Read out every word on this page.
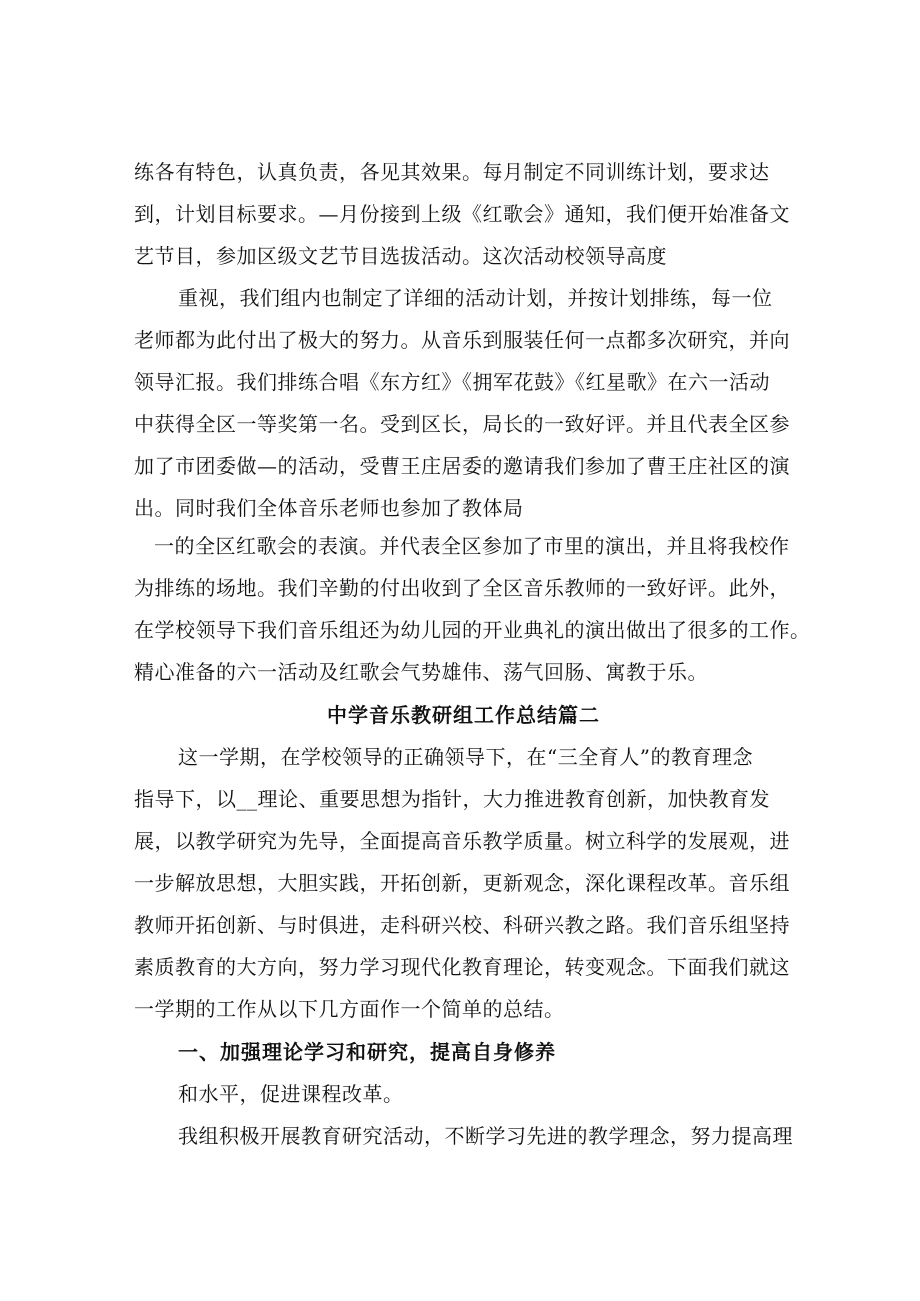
练各有特色，认真负责，各见其效果。每月制定不同训练计划，要求达
到，计划目标要求。—月份接到上级《红歌会》通知，我们便开始准备文
艺节目，参加区级文艺节目选拔活动。这次活动校领导高度
重视，我们组内也制定了详细的活动计划，并按计划排练，每一位
老师都为此付出了极大的努力。从音乐到服装任何一点都多次研究，并向
领导汇报。我们排练合唱《东方红》《拥军花鼓》《红星歌》在六一活动
中获得全区一等奖第一名。受到区长，局长的一致好评。并且代表全区参
加了市团委做—的活动，受曹王庄居委的邀请我们参加了曹王庄社区的演
出。同时我们全体音乐老师也参加了教体局
一的全区红歌会的表演。并代表全区参加了市里的演出，并且将我校作
为排练的场地。我们辛勤的付出收到了全区音乐教师的一致好评。此外，
在学校领导下我们音乐组还为幼儿园的开业典礼的演出做出了很多的工作。
精心准备的六一活动及红歌会气势雄伟、荡气回肠、寓教于乐。
中学音乐教研组工作总结篇二
这一学期，在学校领导的正确领导下，在“三全育人”的教育理念
指导下，以__理论、重要思想为指针，大力推进教育创新，加快教育发
展，以教学研究为先导，全面提高音乐教学质量。树立科学的发展观，进
一步解放思想，大胆实践，开拓创新，更新观念，深化课程改革。音乐组
教师开拓创新、与时俱进，走科研兴校、科研兴教之路。我们音乐组坚持
素质教育的大方向，努力学习现代化教育理论，转变观念。下面我们就这
一学期的工作从以下几方面作一个简单的总结。
一、加强理论学习和研究，提高自身修养
和水平，促进课程改革。
我组积极开展教育研究活动，不断学习先进的教学理念，努力提高理
